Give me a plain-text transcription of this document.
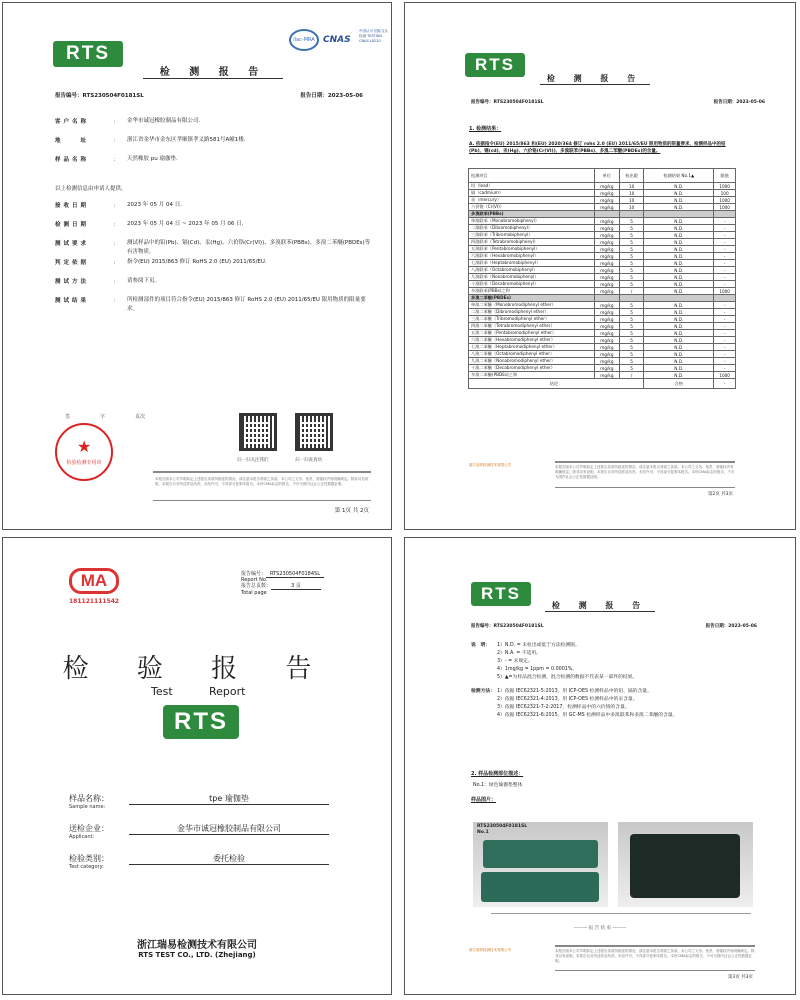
RTS
ilac-MRA CNAS
中国认可 国际互认 检测 TESTING CNAS L8220
检 测 报 告
报告编号：RTS230504F0181SL	报告日期：2023-05-06
客户名称	：	金华市诚冠橡胶制品有限公司.
地　　址	：	浙江省金华市金东区孝顺镇孝义路581号A幢1楼.
样品名称	：	天然橡胶 pu 瑜伽垫.
以上检测信息由申请人提供。
接收日期	：	2023 年 05 月 04 日.
检测日期	：	2023 年 05 月 04 日 ~ 2023 年 05 月 06 日.
测试要求	：	测试样品中的铅(Pb)、镉(Cd)、汞(Hg)、六价铬(Cr(VI))、多溴联苯(PBBs)、多溴二苯醚(PBDEs)等有害物质。
判定依据	：	指令(EU) 2015/863 修订 RoHS 2.0 (EU) 2011/65/EU.
测试方法	：	请参阅下页。
测试结果	：	所检测部件的项目符合指令(EU) 2015/863 修订 RoHS 2.0 (EU) 2011/65/EU 限用物质的限量要求。
签　　　　　　字　　　　　　页次
★
检验检测专用章	扫一扫关注我们	扫一扫查真伪
本报告版本公司声明如定上述报告条款所描述的情况，请注意本报告背面之条款。本公司之义务、免责、管辖权内有明确规定。除非另有说明，本报告仅对所送样品负责。未经许可，不得部分复制本报告。本份CMA标志的报告，不可为国内社会公正性数据证明。
第 1页 共 2页
RTS
检 测 报 告
报告编号：RTS230504F0181SL	报告日期：2023-05-06
1. 检测结果：
A. 依据指令(EU) 2015/863 和(EU) 2020/364 修订 rohs 2.0 (EU) 2011/65/EU 限用物质的限量要求，检测样品中的铅(Pb)、镉(cd)、汞(Hg)、六价铬(Cr(VI))、多溴联苯(PBBs)、多溴二苯醚(PBDEs)的含量。
检测项目	单位	检出限	检测结果 No.1▲	限值
铅（lead）	mg/kg	10	N.D.	1000
镉（cadmium）	mg/kg	10	N.D.	100
汞（mercury）	mg/kg	10	N.D.	1000
六价铬（Cr(VI)）	mg/kg	10	N.D.	1000
多溴联苯(PBBs)				
单溴联苯（Monobromobiphenyl）	mg/kg	5	N.D.	-
二溴联苯（Dibromobiphenyl）	mg/kg	5	N.D.	-
三溴联苯（Tribromobiphenyl）	mg/kg	5	N.D.	-
四溴联苯（Tetrabromobiphenyl）	mg/kg	5	N.D.	-
五溴联苯（Pentabromobiphenyl）	mg/kg	5	N.D.	-
六溴联苯（Hexabromobiphenyl）	mg/kg	5	N.D.	-
七溴联苯（Heptabromobiphenyl）	mg/kg	5	N.D.	-
八溴联苯（Octabromobiphenyl）	mg/kg	5	N.D.	-
九溴联苯（Nonabromobiphenyl）	mg/kg	5	N.D.	-
十溴联苯（Decabromobiphenyl）	mg/kg	5	N.D.	-
多溴联苯(PBBs)之和	mg/kg	/	N.D.	1000
多溴二苯醚(PBDEs)				
单溴二苯醚（Monobromodiphenyl ether）	mg/kg	5	N.D.	-
二溴二苯醚（Dibromodiphenyl ether）	mg/kg	5	N.D.	-
三溴二苯醚（Tribromodiphenyl ether）	mg/kg	5	N.D.	-
四溴二苯醚（Tetrabromodiphenyl ether）	mg/kg	5	N.D.	-
五溴二苯醚（Pentabromodiphenyl ether）	mg/kg	5	N.D.	-
六溴二苯醚（Hexabromodiphenyl ether）	mg/kg	5	N.D.	-
七溴二苯醚（Heptabromodiphenyl ether）	mg/kg	5	N.D.	-
八溴二苯醚（Octabromodiphenyl ether）	mg/kg	5	N.D.	-
九溴二苯醚（Nonabromodiphenyl ether）	mg/kg	5	N.D.	-
十溴二苯醚（Decabromodiphenyl ether）	mg/kg	5	N.D.	-
多溴二苯醚(PBDEs)之和	mg/kg	/	N.D.	1000
结论：			合格	-
浙江瑞易检测技术有限公司	本报告版本公司声明如定上述报告条款所描述的情况，请注意本报告背面之条款。本公司之义务、免责、管辖权内有明确规定。除非另有说明，本报告仅对所送样品负责。未经许可，不得部分复制本报告。本份CMA标志的报告，不可为国内社会公正性数据证明。
第2页 共3页
MA
181121111542
报告编号： RTS230504F0184SL
Report No.
报告总页数：	3 页
Total page
检 验 报 告
Test	Report
RTS
样品名称：	tpe 瑜伽垫
Sample name:
送检企业：	金华市诚冠橡胶制品有限公司
Applicant:
检验类别：	委托检验
Test category:
浙江瑞易检测技术有限公司
RTS TEST CO., LTD. (Zhejiang)
RTS
检 测 报 告
报告编号：RTS230504F0181SL	报告日期：2023-05-06
说　明： 1）N.D. = 未检出或低于方法检测限。
2）N.A. = 不适用。
3）- = 未规定。
4）1mg/kg = 1ppm = 0.0001%。
5）▲=为样品混合检测，混合检测的数据不代表某一部件的结果。
检测方法： 1）依据 IEC62321-5:2013，用 ICP-OES 检测样品中的铅、镉的含量。
2）依据 IEC62321-4:2013，用 ICP-OES 检测样品中的汞含量。
3）依据 IEC62321-7-2:2017，检测样品中的六价铬的含量。
4）依据 IEC62321-6:2015，用 GC-MS 检测样品中多溴联苯和多溴二苯醚的含量。
2. 样品检测部位描述：
No.1：绿色瑜伽垫整体
样品图片：
RTS230504F0181SL
No.1
——— 报 告 结 束 ———
浙江瑞易检测技术有限公司	本报告版本公司声明如定上述报告条款所描述的情况，请注意本报告背面之条款。本公司之义务、免责、管辖权内有明确规定。除非另有说明，本报告仅对所送样品负责。未经许可，不得部分复制本报告。本份CMA标志的报告，不可为国内社会公正性数据证明。
第3页 共3页
